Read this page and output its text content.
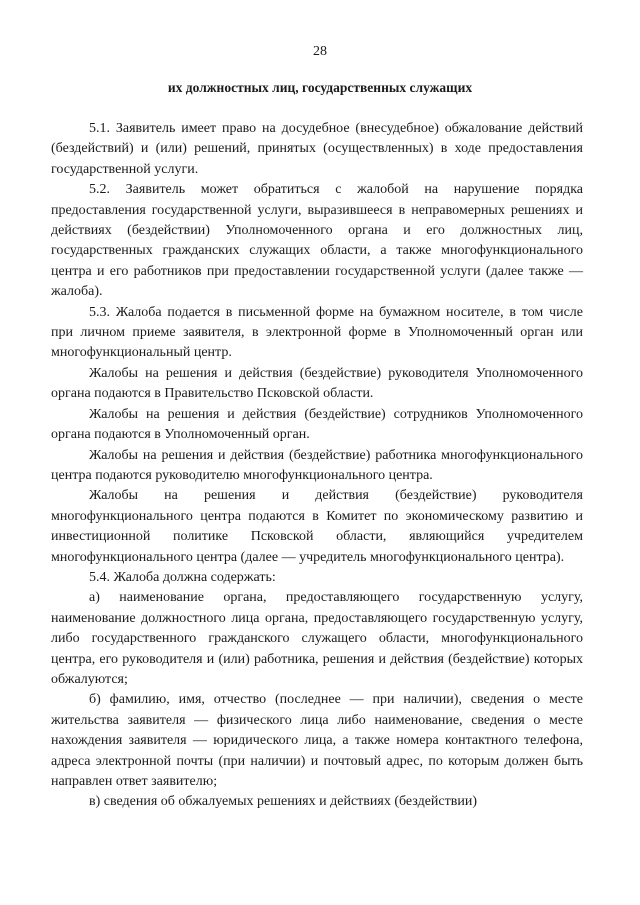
28
их должностных лиц, государственных служащих

5.1. Заявитель имеет право на досудебное (внесудебное) обжалование действий (бездействий) и (или) решений, принятых (осуществленных) в ходе предоставления государственной услуги.

5.2. Заявитель может обратиться с жалобой на нарушение порядка предоставления государственной услуги, выразившееся в неправомерных решениях и действиях (бездействии) Уполномоченного органа и его должностных лиц, государственных гражданских служащих области, а также многофункционального центра и его работников при предоставлении государственной услуги (далее также — жалоба).

5.3. Жалоба подается в письменной форме на бумажном носителе, в том числе при личном приеме заявителя, в электронной форме в Уполномоченный орган или многофункциональный центр.

Жалобы на решения и действия (бездействие) руководителя Уполномоченного органа подаются в Правительство Псковской области.

Жалобы на решения и действия (бездействие) сотрудников Уполномоченного органа подаются в Уполномоченный орган.

Жалобы на решения и действия (бездействие) работника многофункционального центра подаются руководителю многофункционального центра.

Жалобы на решения и действия (бездействие) руководителя многофункционального центра подаются в Комитет по экономическому развитию и инвестиционной политике Псковской области, являющийся учредителем многофункционального центра (далее — учредитель многофункционального центра).

5.4. Жалоба должна содержать:

а) наименование органа, предоставляющего государственную услугу, наименование должностного лица органа, предоставляющего государственную услугу, либо государственного гражданского служащего области, многофункционального центра, его руководителя и (или) работника, решения и действия (бездействие) которых обжалуются;

б) фамилию, имя, отчество (последнее — при наличии), сведения о месте жительства заявителя — физического лица либо наименование, сведения о месте нахождения заявителя — юридического лица, а также номера контактного телефона, адреса электронной почты (при наличии) и почтовый адрес, по которым должен быть направлен ответ заявителю;

в) сведения об обжалуемых решениях и действиях (бездействии)
